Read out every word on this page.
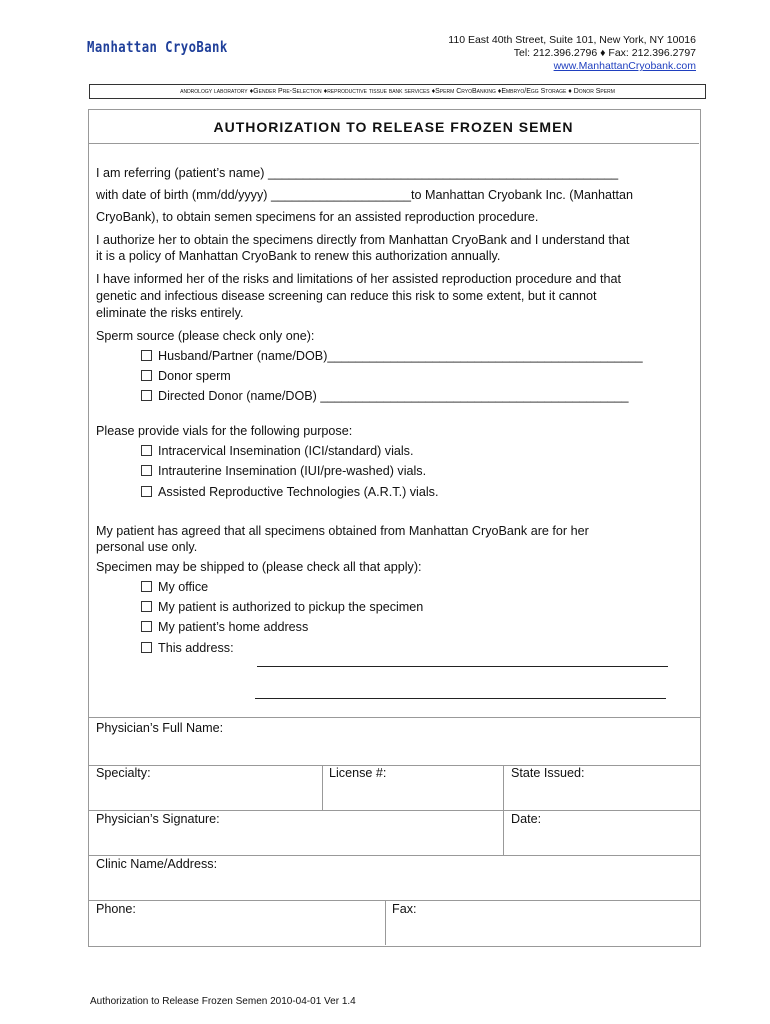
Manhattan CryoBank	110 East 40th Street, Suite 101, New York, NY 10016
Tel: 212.396.2796 ♦ Fax: 212.396.2797
www.ManhattanCryobank.com
andrology laboratory ♦Gender Pre-Selection ♦reproductive tissue bank services ♦Sperm CryoBanking ♦Embryo/Egg Storage ♦ Donor Sperm
AUTHORIZATION TO RELEASE FROZEN SEMEN
I am referring (patient’s name) __________________________________________________
with date of birth (mm/dd/yyyy) ____________________to Manhattan Cryobank Inc. (Manhattan
CryoBank), to obtain semen specimens for an assisted reproduction procedure.
I authorize her to obtain the specimens directly from Manhattan CryoBank and I understand that
it is a policy of Manhattan CryoBank to renew this authorization annually.
I have informed her of the risks and limitations of her assisted reproduction procedure and that
genetic and infectious disease screening can reduce this risk to some extent, but it cannot
eliminate the risks entirely.
Sperm source (please check only one):
Husband/Partner (name/DOB)_____________________________________________
Donor sperm
Directed Donor (name/DOB) ____________________________________________
Please provide vials for the following purpose:
Intracervical Insemination (ICI/standard) vials.
Intrauterine Insemination (IUI/pre-washed) vials.
Assisted Reproductive Technologies (A.R.T.) vials.
My patient has agreed that all specimens obtained from Manhattan CryoBank are for her
personal use only.
Specimen may be shipped to (please check all that apply):
My office
My patient is authorized to pickup the specimen
My patient’s home address
This address:
Physician’s Full Name:
Specialty:	License #:	State Issued:
Physician’s Signature:	Date:
Clinic Name/Address:
Phone:	Fax:
Authorization to Release Frozen Semen 2010-04-01 Ver 1.4
